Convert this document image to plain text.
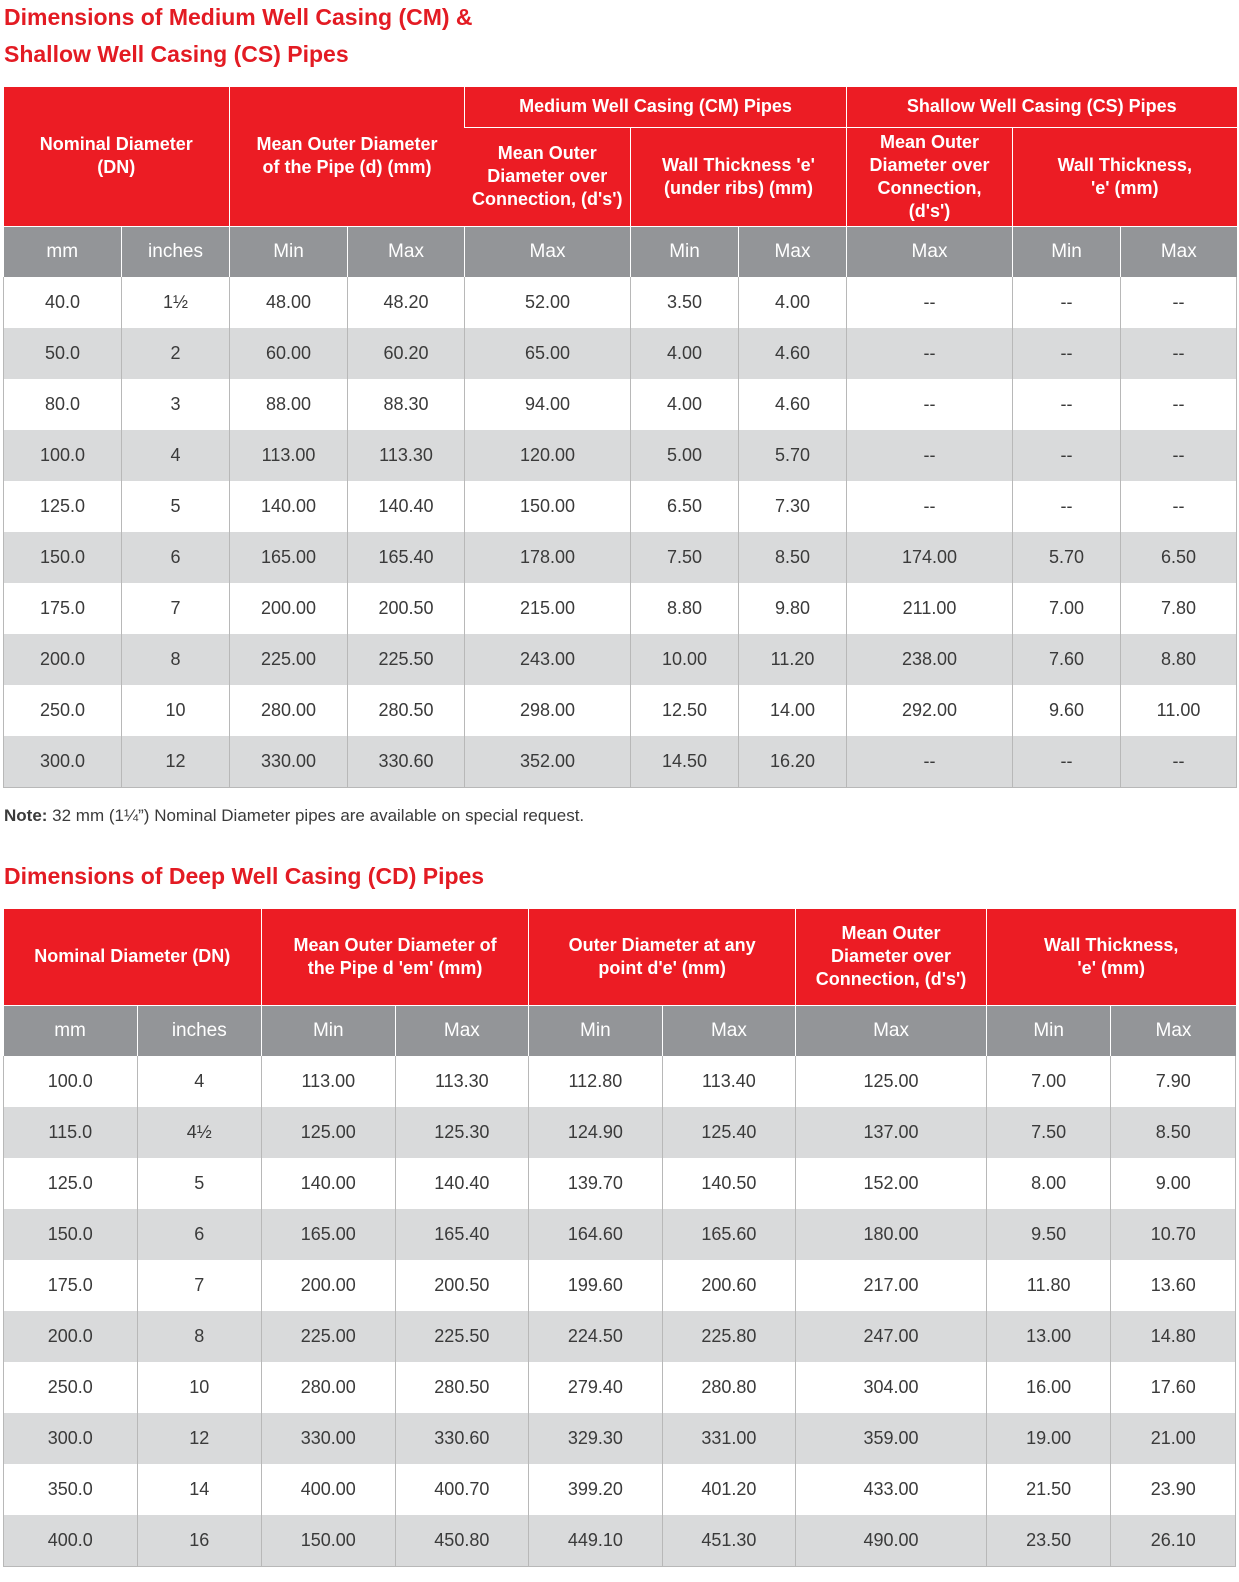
Dimensions of Medium Well Casing (CM) &
Shallow Well Casing (CS) Pipes
Nominal Diameter (DN)		Mean Outer Diameter of the Pipe (d) (mm)		Medium Well Casing (CM) Pipes			Shallow Well Casing (CS) Pipes		
				Mean Outer Diameter over Connection, (d's')	Wall Thickness 'e' (under ribs) (mm)		Mean Outer Diameter over Connection, (d's')	Wall Thickness, 'e' (mm)	
mm	inches	Min	Max	Max	Min	Max	Max	Min	Max
40.0	1½	48.00	48.20	52.00	3.50	4.00	--	--	--
50.0	2	60.00	60.20	65.00	4.00	4.60	--	--	--
80.0	3	88.00	88.30	94.00	4.00	4.60	--	--	--
100.0	4	113.00	113.30	120.00	5.00	5.70	--	--	--
125.0	5	140.00	140.40	150.00	6.50	7.30	--	--	--
150.0	6	165.00	165.40	178.00	7.50	8.50	174.00	5.70	6.50
175.0	7	200.00	200.50	215.00	8.80	9.80	211.00	7.00	7.80
200.0	8	225.00	225.50	243.00	10.00	11.20	238.00	7.60	8.80
250.0	10	280.00	280.50	298.00	12.50	14.00	292.00	9.60	11.00
300.0	12	330.00	330.60	352.00	14.50	16.20	--	--	--

Note: 32 mm (1¼”) Nominal Diameter pipes are available on special request.

Dimensions of Deep Well Casing (CD) Pipes
Nominal Diameter (DN)		Mean Outer Diameter of the Pipe d 'em' (mm)		Outer Diameter at any point d'e' (mm)		Mean Outer Diameter over Connection, (d's')	Wall Thickness, 'e' (mm)	
mm	inches	Min	Max	Min	Max	Max	Min	Max
100.0	4	113.00	113.30	112.80	113.40	125.00	7.00	7.90
115.0	4½	125.00	125.30	124.90	125.40	137.00	7.50	8.50
125.0	5	140.00	140.40	139.70	140.50	152.00	8.00	9.00
150.0	6	165.00	165.40	164.60	165.60	180.00	9.50	10.70
175.0	7	200.00	200.50	199.60	200.60	217.00	11.80	13.60
200.0	8	225.00	225.50	224.50	225.80	247.00	13.00	14.80
250.0	10	280.00	280.50	279.40	280.80	304.00	16.00	17.60
300.0	12	330.00	330.60	329.30	331.00	359.00	19.00	21.00
350.0	14	400.00	400.70	399.20	401.20	433.00	21.50	23.90
400.0	16	150.00	450.80	449.10	451.30	490.00	23.50	26.10
